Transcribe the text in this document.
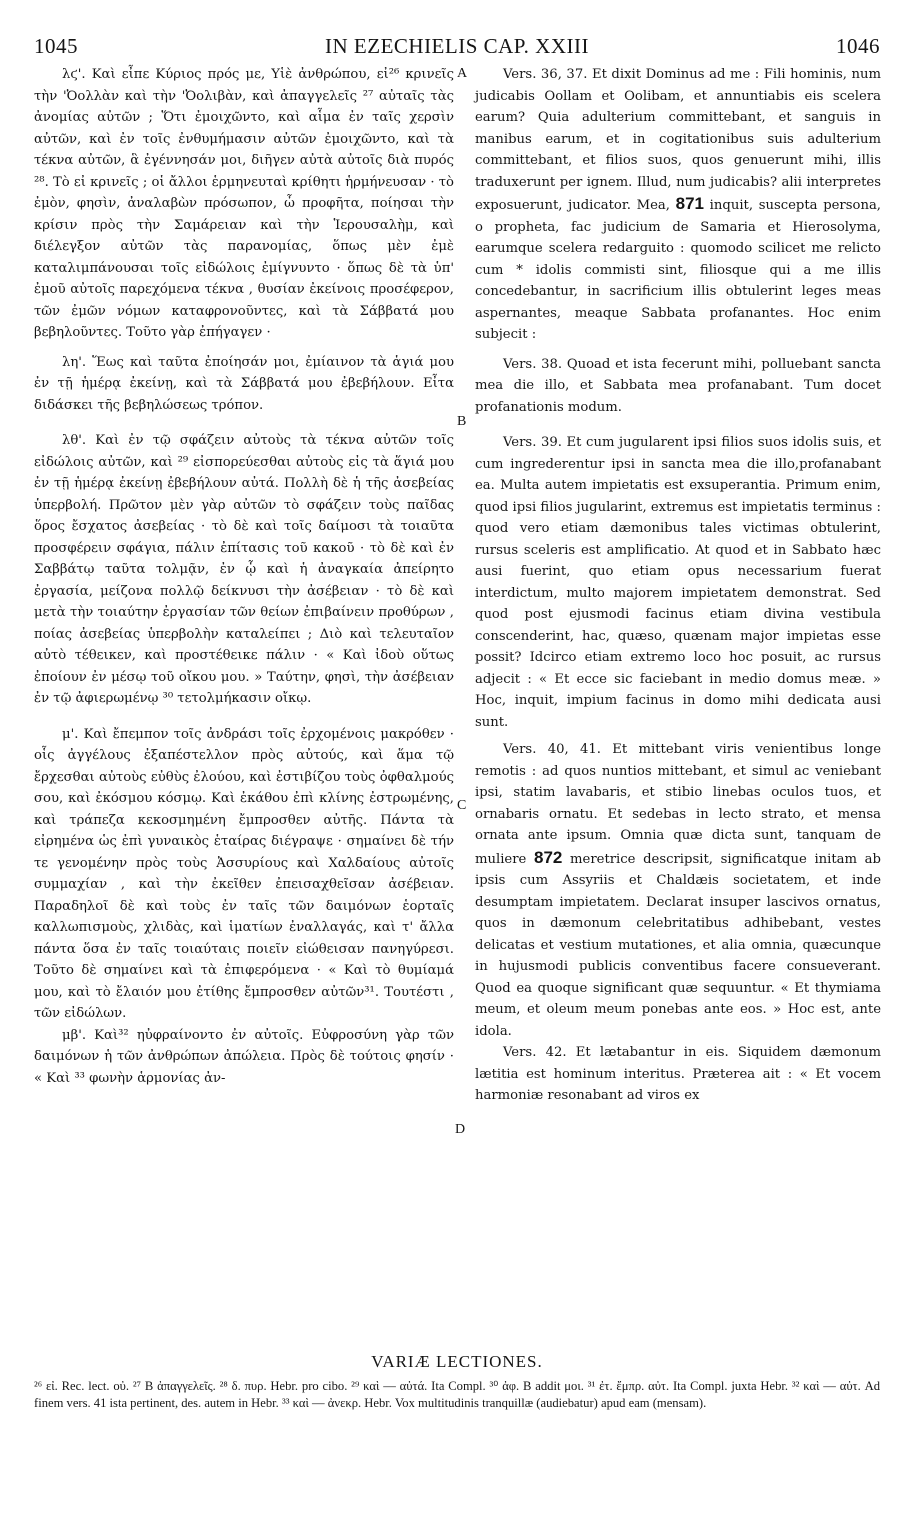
1045	IN EZECHIELIS CAP. XXIII	1046

λϛ'. Καὶ εἶπε Κύριος πρός με, Υἱὲ ἀνθρώπου, εἰ²⁶ κρινεῖς τὴν 'Ὀολλὰν καὶ τὴν 'Ὀολιβὰν, καὶ ἀπαγγελεῖς ²⁷ αὐταῖς τὰς ἀνομίας αὐτῶν ; Ὅτι ἐμοιχῶντο, καὶ αἷμα ἐν ταῖς χερσὶν αὐτῶν, καὶ ἐν τοῖς ἐνθυμήμασιν αὐτῶν ἐμοιχῶντο, καὶ τὰ τέκνα αὐτῶν, ἃ ἐγέννησάν μοι, διῆγεν αὐτὰ αὐτοῖς διὰ πυρός ²⁸. Τὸ εἰ κρινεῖς ; οἱ ἄλλοι ἑρμηνευταὶ κρίθητι ἡρμήνευσαν · τὸ ἐμὸν, φησὶν, ἀναλαβὼν πρόσωπον, ὦ προφῆτα, ποίησαι τὴν κρίσιν πρὸς τὴν Σαμάρειαν καὶ τὴν Ἱερουσαλὴμ, καὶ διέλεγξον αὐτῶν τὰς παρανομίας, ὅπως μὲν ἐμὲ καταλιμπάνουσαι τοῖς εἰδώλοις ἐμίγνυντο · ὅπως δὲ τὰ ὑπ' ἐμοῦ αὐτοῖς παρεχόμενα τέκνα , θυσίαν ἐκείνοις προσέφερον, τῶν ἐμῶν νόμων καταφρονοῦντες, καὶ τὰ Σάββατά μου βεβηλοῦντες. Τοῦτο γὰρ ἐπήγαγεν ·

λη'. Ἕως καὶ ταῦτα ἐποίησάν μοι, ἐμίαινον τὰ ἁγιά μου ἐν τῇ ἡμέρᾳ ἐκείνῃ, καὶ τὰ Σάββατά μου ἐβεβήλουν. Εἶτα διδάσκει τῆς βεβηλώσεως τρόπον.

λθ'. Καὶ ἐν τῷ σφάζειν αὐτοὺς τὰ τέκνα αὐτῶν τοῖς εἰδώλοις αὐτῶν, καὶ ²⁹ εἰσπορεύεσθαι αὐτοὺς εἰς τὰ ἅγιά μου ἐν τῇ ἡμέρᾳ ἐκείνῃ ἐβεβήλουν αὐτά. Πολλὴ δὲ ἡ τῆς ἀσεβείας ὑπερβολή. Πρῶτον μὲν γὰρ αὐτῶν τὸ σφάζειν τοὺς παῖδας ὅρος ἔσχατος ἀσεβείας · τὸ δὲ καὶ τοῖς δαίμοσι τὰ τοιαῦτα προσφέρειν σφάγια, πάλιν ἐπίτασις τοῦ κακοῦ · τὸ δὲ καὶ ἐν Σαββάτῳ ταῦτα τολμᾷν, ἐν ᾧ καὶ ἡ ἀναγκαία ἀπείρητο ἐργασία, μείζονα πολλῷ δείκνυσι τὴν ἀσέβειαν · τὸ δὲ καὶ μετὰ τὴν τοιαύτην ἐργασίαν τῶν θείων ἐπιβαίνειν προθύρων , ποίας ἀσεβείας ὑπερβολὴν καταλείπει ; Διὸ καὶ τελευταῖον αὐτὸ τέθεικεν, καὶ προστέθεικε πάλιν · « Καὶ ἰδοὺ οὕτως ἐποίουν ἐν μέσῳ τοῦ οἴκου μου. » Ταύτην, φησὶ, τὴν ἀσέβειαν ἐν τῷ ἀφιερωμένῳ ³⁰ τετολμήκασιν οἴκῳ.

μ'. Καὶ ἔπεμπον τοῖς ἀνδράσι τοῖς ἐρχομένοις μακρόθεν · οἷς ἀγγέλους ἐξαπέστελλον πρὸς αὐτούς, καὶ ἅμα τῷ ἔρχεσθαι αὐτοὺς εὐθὺς ἐλούου, καὶ ἐστιβίζου τοὺς ὀφθαλμούς σου, καὶ ἐκόσμου κόσμῳ. Καὶ ἐκάθου ἐπὶ κλίνης ἐστρωμένης, καὶ τράπεζα κεκοσμημένη ἔμπροσθεν αὐτῆς. Πάντα τὰ εἰρημένα ὡς ἐπὶ γυναικὸς ἑταίρας διέγραψε · σημαίνει δὲ τήν τε γενομένην πρὸς τοὺς Ἀσσυρίους καὶ Χαλδαίους αὐτοῖς συμμαχίαν , καὶ τὴν ἐκεῖθεν ἐπεισαχθεῖσαν ἀσέβειαν. Παραδηλοῖ δὲ καὶ τοὺς ἐν ταῖς τῶν δαιμόνων ἑορταῖς καλλωπισμοὺς, χλιδὰς, καὶ ἱματίων ἐναλλαγάς, καὶ τ' ἄλλα πάντα ὅσα ἐν ταῖς τοιαύταις ποιεῖν εἰώθεισαν πανηγύρεσι. Τοῦτο δὲ σημαίνει καὶ τὰ ἐπιφερόμενα · « Καὶ τὸ θυμίαμά μου, καὶ τὸ ἔλαιόν μου ἐτίθης ἔμπροσθεν αὐτῶν³¹. Τουτέστι , τῶν εἰδώλων.

μβ'. Καὶ³² ηὐφραίνοντο ἐν αὐτοῖς. Εὐφροσύνη γὰρ τῶν δαιμόνων ἡ τῶν ἀνθρώπων ἀπώλεια. Πρὸς δὲ τούτοις φησίν · « Καὶ ³³ φωνὴν ἁρμονίας ἀν-

A
B
C
D

Vers. 36, 37. Et dixit Dominus ad me : Fili hominis, num judicabis Oollam et Oolibam, et annuntiabis eis scelera earum? Quia adulterium committebant, et sanguis in manibus earum, et in cogitationibus suis adulterium committebant, et filios suos, quos genuerunt mihi, illis traduxerunt per ignem. Illud, num judicabis? alii interpretes exposuerunt, judicator. Mea, 871 inquit, suscepta persona, o propheta, fac judicium de Samaria et Hierosolyma, earumque scelera redarguito : quomodo scilicet me relicto cum * idolis commisti sint, filiosque qui a me illis concedebantur, in sacrificium illis obtulerint leges meas aspernantes, meaque Sabbata profanantes. Hoc enim subjecit :

Vers. 38. Quoad et ista fecerunt mihi, polluebant sancta mea die illo, et Sabbata mea profanabant. Tum docet profanationis modum.

Vers. 39. Et cum jugularent ipsi filios suos idolis suis, et cum ingrederentur ipsi in sancta mea die illo,profanabant ea. Multa autem impietatis est exsuperantia. Primum enim, quod ipsi filios jugularint, extremus est impietatis terminus : quod vero etiam dæmonibus tales victimas obtulerint, rursus sceleris est amplificatio. At quod et in Sabbato hæc ausi fuerint, quo etiam opus necessarium fuerat interdictum, multo majorem impietatem demonstrat. Sed quod post ejusmodi facinus etiam divina vestibula conscenderint, hac, quæso, quænam major impietas esse possit? Idcirco etiam extremo loco hoc posuit, ac rursus adjecit : « Et ecce sic faciebant in medio domus meæ. » Hoc, inquit, impium facinus in domo mihi dedicata ausi sunt.

Vers. 40, 41. Et mittebant viris venientibus longe remotis : ad quos nuntios mittebant, et simul ac veniebant ipsi, statim lavabaris, et stibio linebas oculos tuos, et ornabaris ornatu. Et sedebas in lecto strato, et mensa ornata ante ipsum. Omnia quæ dicta sunt, tanquam de muliere 872 meretrice descripsit, significatque initam ab ipsis cum Assyriis et Chaldæis societatem, et inde desumptam impietatem. Declarat insuper lascivos ornatus, quos in dæmonum celebritatibus adhibebant, vestes delicatas et vestium mutationes, et alia omnia, quæcunque in hujusmodi publicis conventibus facere consueverant. Quod ea quoque significant quæ sequuntur. « Et thymiama meum, et oleum meum ponebas ante eos. » Hoc est, ante idola.

Vers. 42. Et lætabantur in eis. Siquidem dæmonum lætitia est hominum interitus. Præterea ait : « Et vocem harmoniæ resonabant ad viros ex

VARIÆ LECTIONES.
²⁶ εἰ. Rec. lect. οὐ. ²⁷ B ἀπαγγελεῖς. ²⁸ δ. πυρ. Hebr. pro cibo. ²⁹ καὶ — αὐτά. Ita Compl. ³⁰ ἀφ. B addit μοι. ³¹ ἐτ. ἔμπρ. αὐτ. Ita Compl. juxta Hebr. ³² καὶ — αὐτ. Ad finem vers. 41 ista pertinent, des. autem in Hebr. ³³ καὶ — ἀνεκρ. Hebr. Vox multitudinis tranquillæ (audiebatur) apud eam (mensam).
